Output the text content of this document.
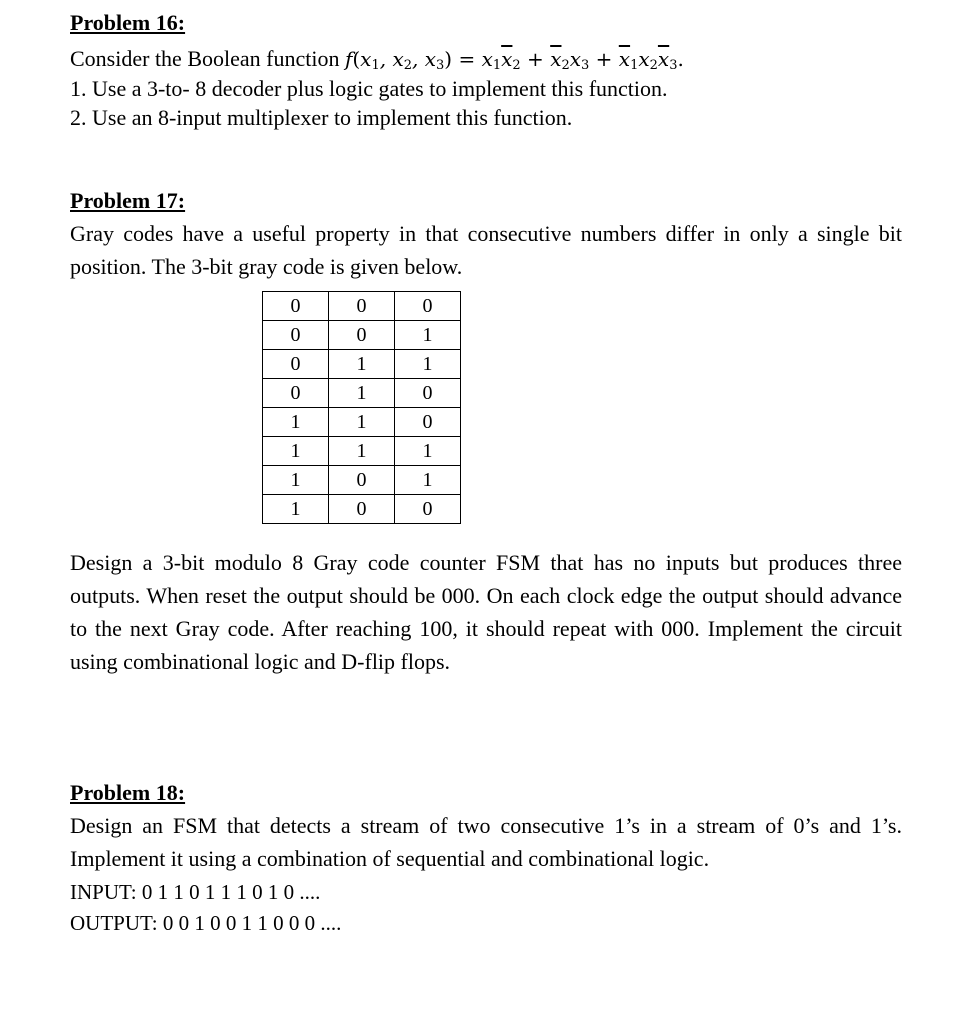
Problem 16:
Consider the Boolean function $f(x_1$, $x_2$, $x_3) = x_1\overline{x}_2 + \overline{x}_2x_3 + \overline{x}_1x_2\overline{x}_3$.
1. Use a 3-to- 8 decoder plus logic gates to implement this function.
2. Use an 8-input multiplexer to implement this function.
Problem 17:
Gray codes have a useful property in that consecutive numbers differ in only a single bit position. The 3-bit gray code is given below.
0	0	0
0	0	1
0	1	1
0	1	0
1	1	0
1	1	1
1	0	1
1	0	0
Design a 3-bit modulo 8 Gray code counter FSM that has no inputs but produces three outputs. When reset the output should be 000. On each clock edge the output should advance to the next Gray code. After reaching 100, it should repeat with 000. Implement the circuit using combinational logic and D-flip flops.
Problem 18:
Design an FSM that detects a stream of two consecutive 1’s in a stream of 0’s and 1’s. Implement it using a combination of sequential and combinational logic.
INPUT: 0 1 1 0 1 1 1 0 1 0 ....
OUTPUT: 0 0 1 0 0 1 1 0 0 0 ....
